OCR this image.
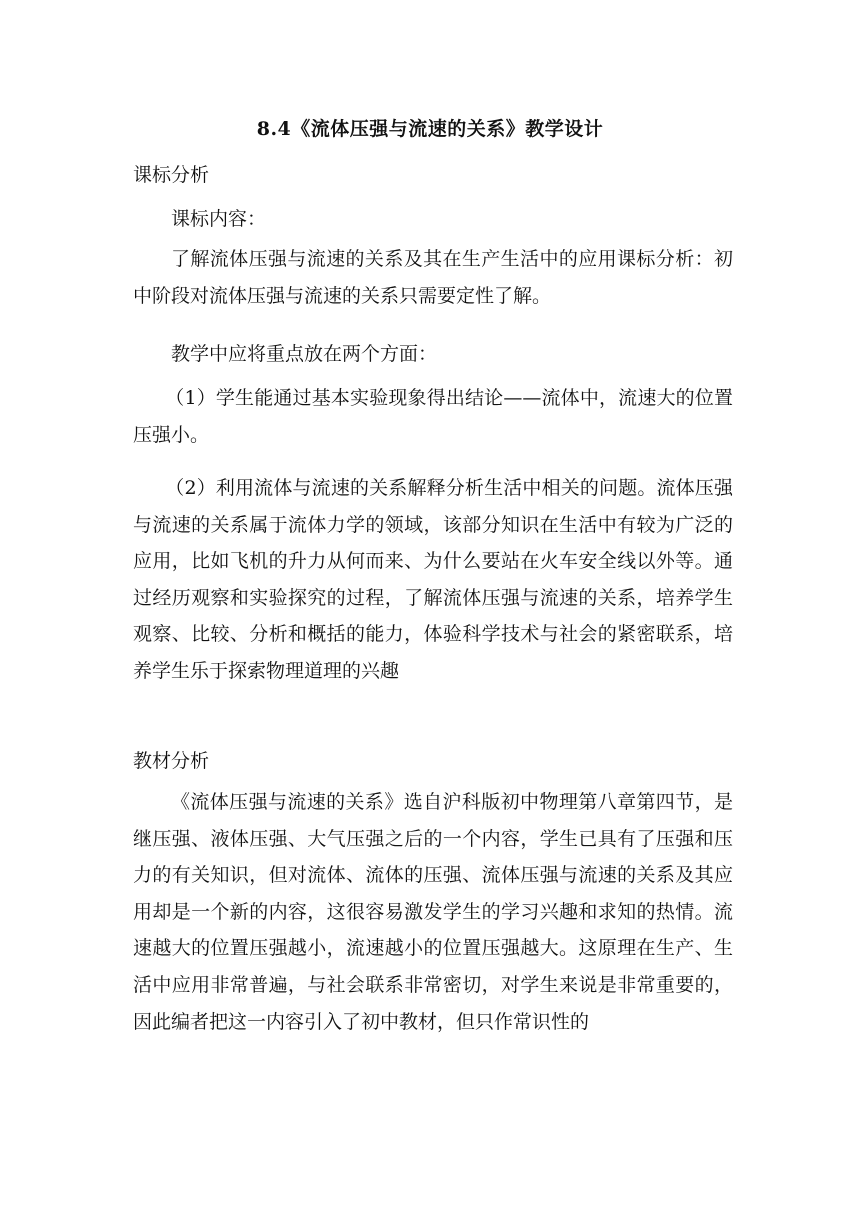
8.4《流体压强与流速的关系》教学设计
课标分析

课标内容：

了解流体压强与流速的关系及其在生产生活中的应用课标分析：初中阶段对流体压强与流速的关系只需要定性了解。

教学中应将重点放在两个方面：

（1）学生能通过基本实验现象得出结论——流体中，流速大的位置压强小。

（2）利用流体与流速的关系解释分析生活中相关的问题。流体压强与流速的关系属于流体力学的领域，该部分知识在生活中有较为广泛的应用，比如飞机的升力从何而来、为什么要站在火车安全线以外等。通过经历观察和实验探究的过程，了解流体压强与流速的关系，培养学生观察、比较、分析和概括的能力，体验科学技术与社会的紧密联系，培养学生乐于探索物理道理的兴趣

教材分析

《流体压强与流速的关系》选自沪科版初中物理第八章第四节，是继压强、液体压强、大气压强之后的一个内容，学生已具有了压强和压力的有关知识，但对流体、流体的压强、流体压强与流速的关系及其应用却是一个新的内容，这很容易激发学生的学习兴趣和求知的热情。流速越大的位置压强越小，流速越小的位置压强越大。这原理在生产、生活中应用非常普遍，与社会联系非常密切，对学生来说是非常重要的，因此编者把这一内容引入了初中教材，但只作常识性的
